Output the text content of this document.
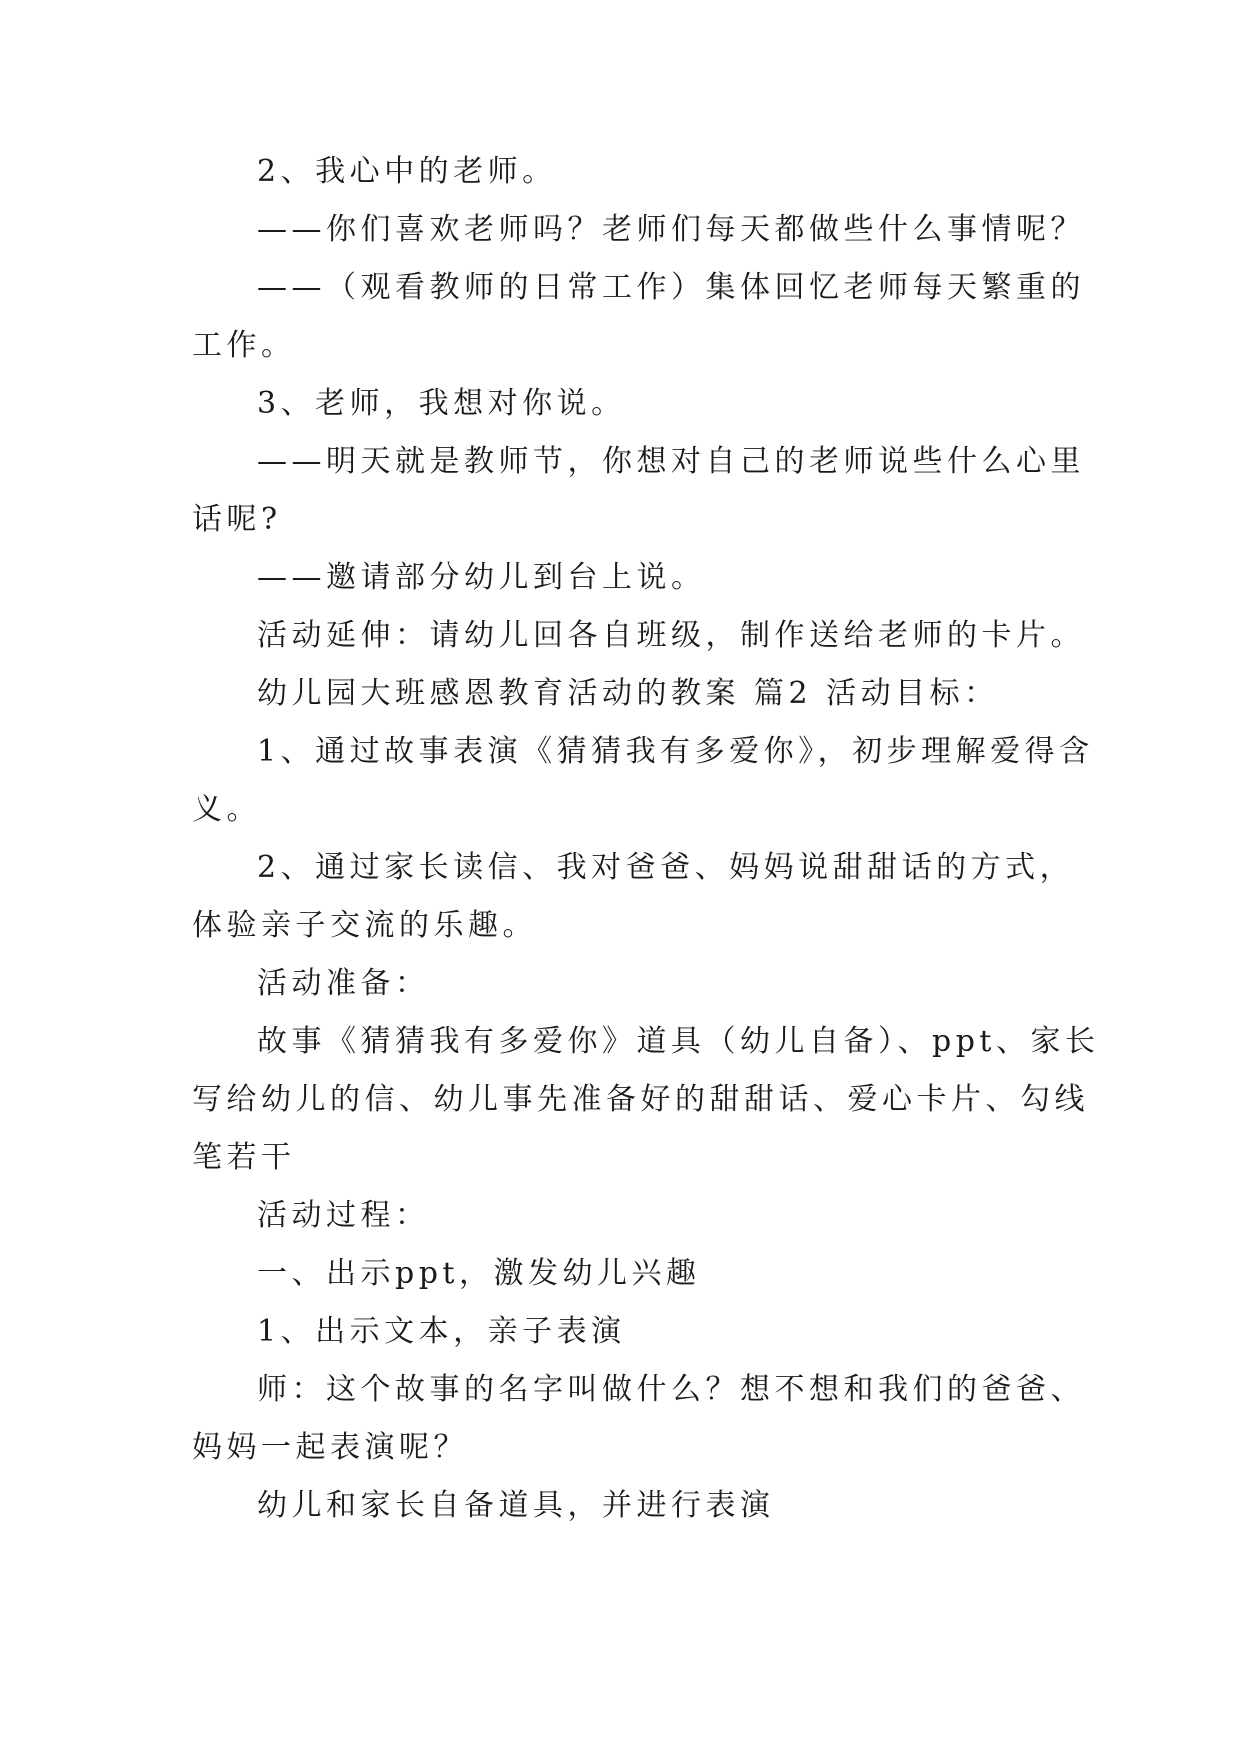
2、我心中的老师。
——你们喜欢老师吗？老师们每天都做些什么事情呢？
——（观看教师的日常工作）集体回忆老师每天繁重的
工作。
3、老师，我想对你说。
——明天就是教师节，你想对自己的老师说些什么心里
话呢?
——邀请部分幼儿到台上说。
活动延伸：请幼儿回各自班级，制作送给老师的卡片。
幼儿园大班感恩教育活动的教案 篇2 活动目标：
1、通过故事表演《猜猜我有多爱你》，初步理解爱得含
义。
2、通过家长读信、我对爸爸、妈妈说甜甜话的方式，
体验亲子交流的乐趣。
活动准备：
故事《猜猜我有多爱你》道具（幼儿自备）、ppt、家长
写给幼儿的信、幼儿事先准备好的甜甜话、爱心卡片、勾线
笔若干
活动过程：
一、出示ppt，激发幼儿兴趣
1、出示文本，亲子表演
师：这个故事的名字叫做什么？想不想和我们的爸爸、
妈妈一起表演呢？
幼儿和家长自备道具，并进行表演
